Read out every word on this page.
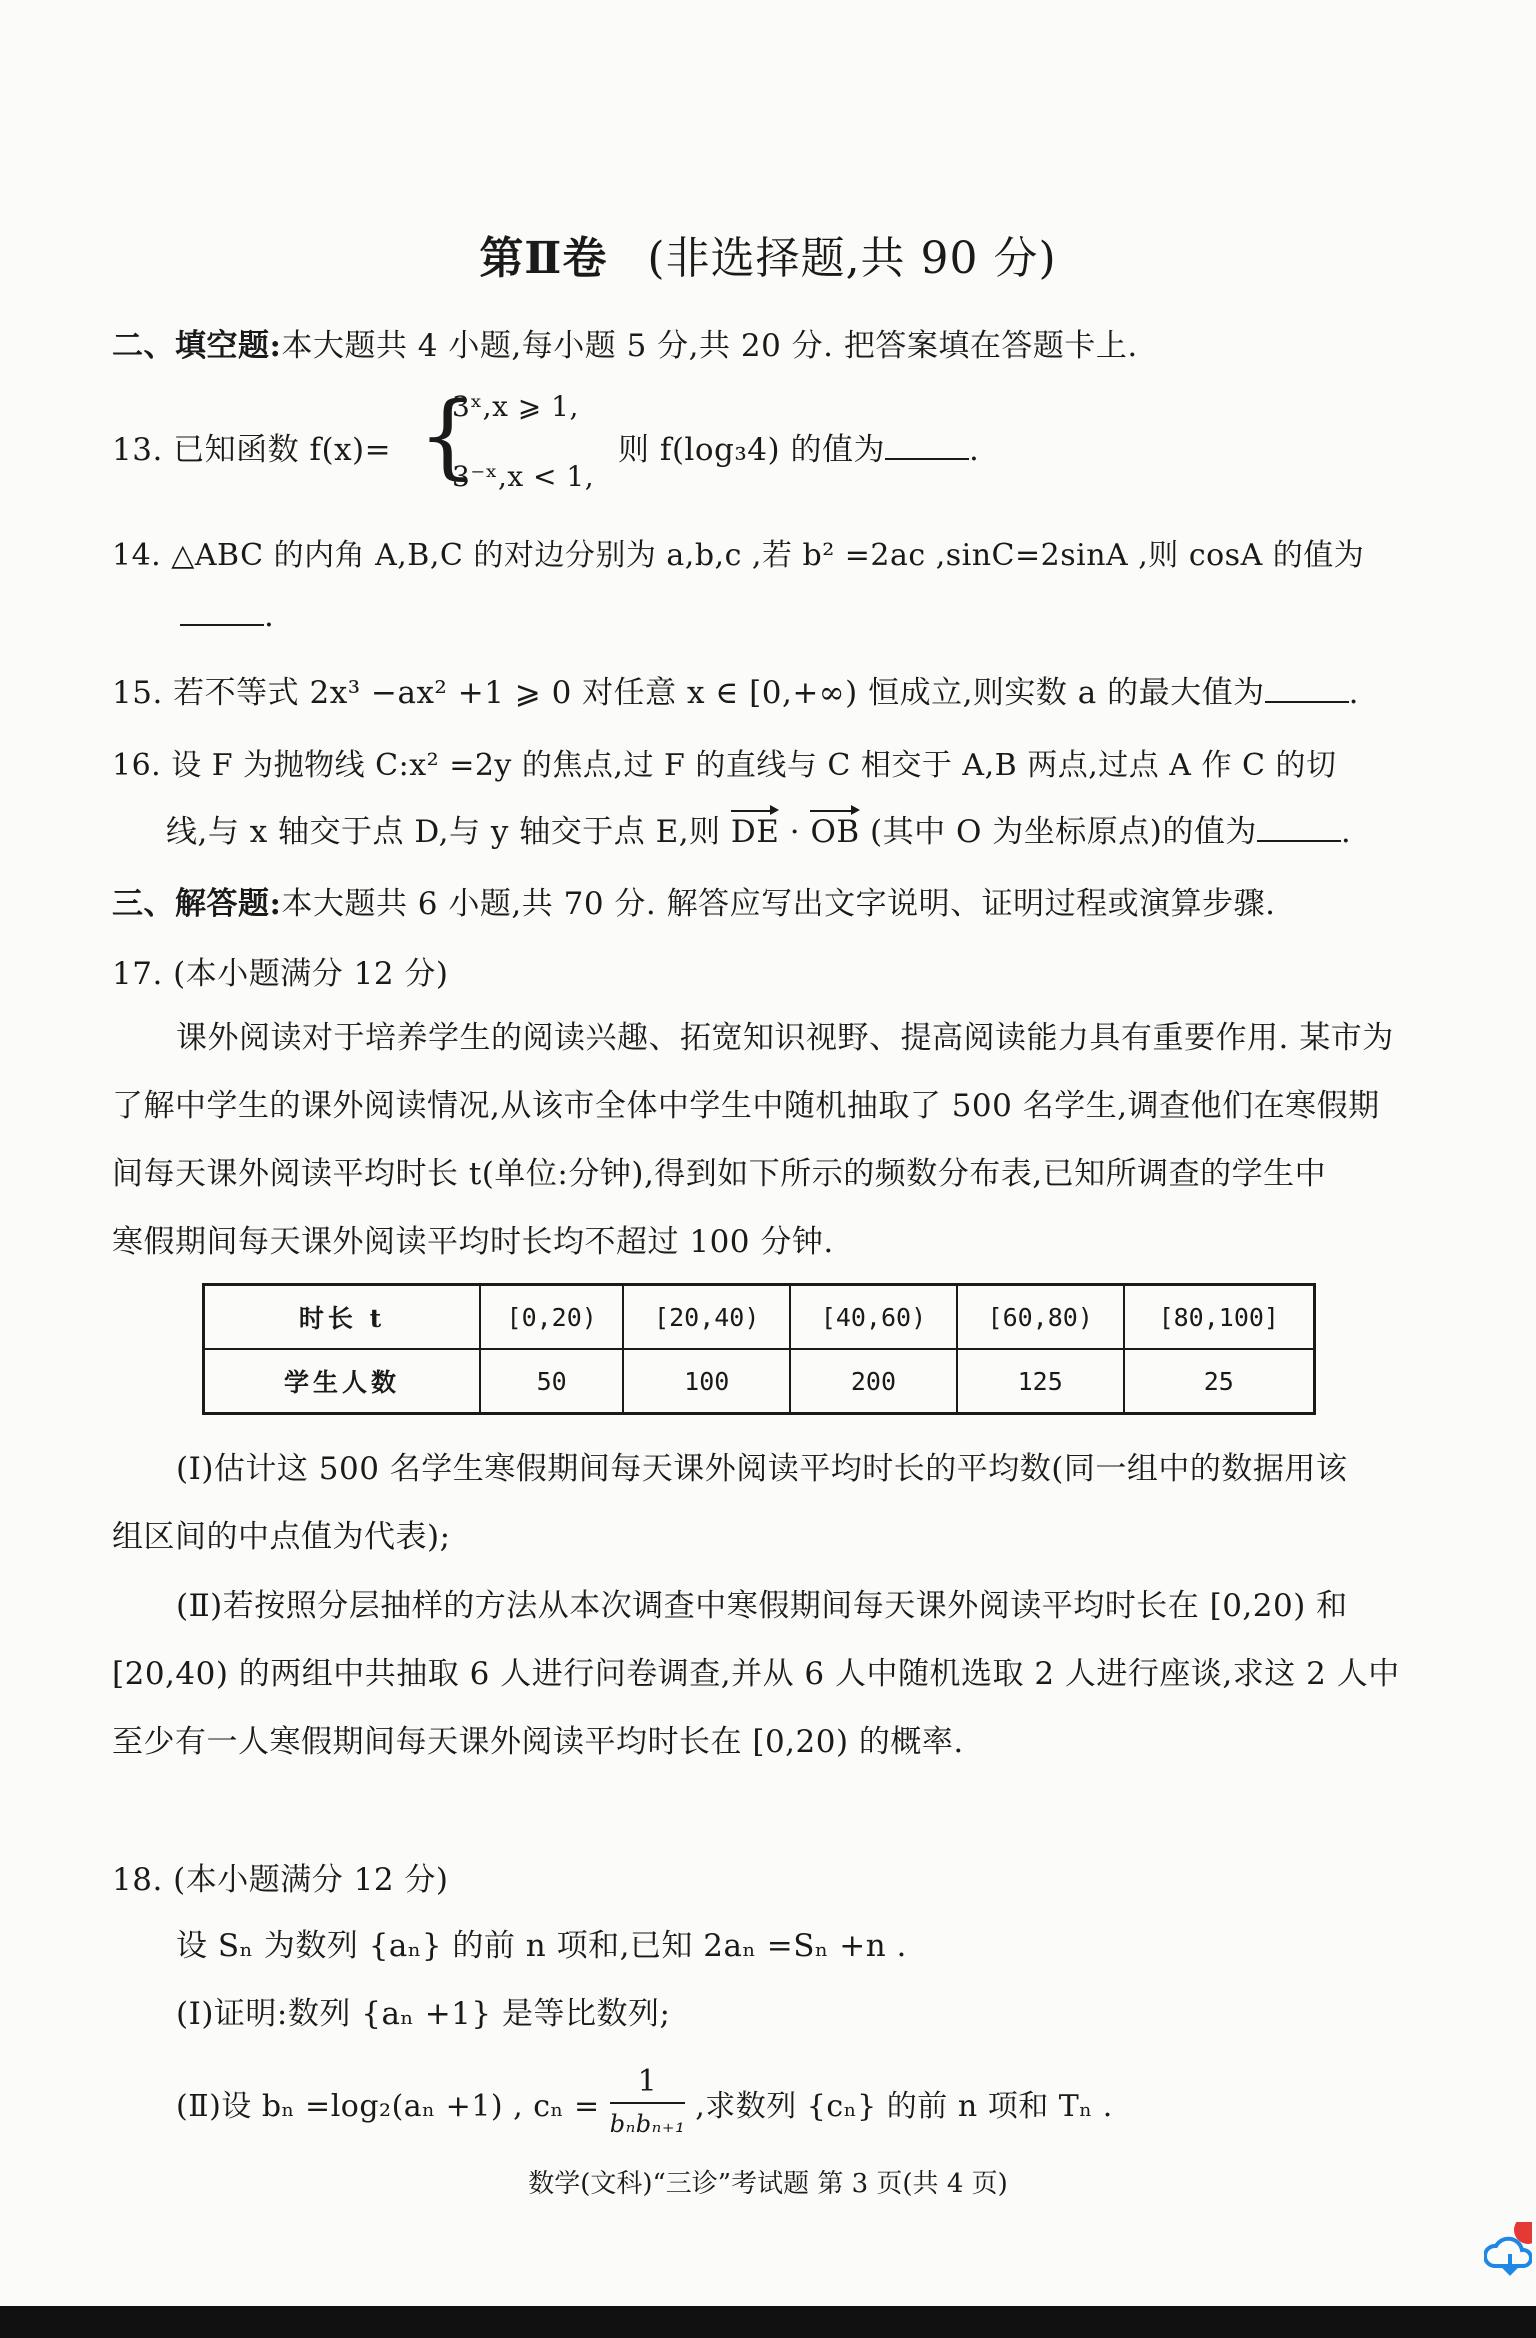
第Ⅱ卷 (非选择题,共 90 分)
二、填空题:本大题共 4 小题,每小题 5 分,共 20 分. 把答案填在答题卡上.
13. 已知函数 f(x)= {
3ˣ,x ⩾ 1,
3⁻ˣ,x < 1,
则 f(log₃4) 的值为	.
14. △ABC 的内角 A,B,C 的对边分别为 a,b,c ,若 b² =2ac ,sinC=2sinA ,则 cosA 的值为
.
15. 若不等式 2x³ −ax² +1 ⩾ 0 对任意 x ∈ [0,+∞) 恒成立,则实数 a 的最大值为	.
16. 设 F 为抛物线 C:x² =2y 的焦点,过 F 的直线与 C 相交于 A,B 两点,过点 A 作 C 的切
线,与 x 轴交于点 D,与 y 轴交于点 E,则 DE · OB (其中 O 为坐标原点)的值为	.
三、解答题:本大题共 6 小题,共 70 分. 解答应写出文字说明、证明过程或演算步骤.
17. (本小题满分 12 分)
课外阅读对于培养学生的阅读兴趣、拓宽知识视野、提高阅读能力具有重要作用. 某市为
了解中学生的课外阅读情况,从该市全体中学生中随机抽取了 500 名学生,调查他们在寒假期
间每天课外阅读平均时长 t(单位:分钟),得到如下所示的频数分布表,已知所调查的学生中
寒假期间每天课外阅读平均时长均不超过 100 分钟.
时长 t	[0,20)	[20,40)	[40,60)	[60,80)	[80,100]
学生人数	50	100	200	125	25
(Ⅰ)估计这 500 名学生寒假期间每天课外阅读平均时长的平均数(同一组中的数据用该
组区间的中点值为代表);
(Ⅱ)若按照分层抽样的方法从本次调查中寒假期间每天课外阅读平均时长在 [0,20) 和
[20,40) 的两组中共抽取 6 人进行问卷调查,并从 6 人中随机选取 2 人进行座谈,求这 2 人中
至少有一人寒假期间每天课外阅读平均时长在 [0,20) 的概率.
18. (本小题满分 12 分)
设 Sₙ 为数列 {aₙ} 的前 n 项和,已知 2aₙ =Sₙ +n .
(Ⅰ)证明:数列 {aₙ +1} 是等比数列;
(Ⅱ)设 bₙ =log₂(aₙ +1) , $c_n = \frac{1}{\text{bₙbₙ₊₁}}$ ,求数列 {cₙ} 的前 n 项和 Tₙ .
数学(文科)“三诊”考试题 第 3 页(共 4 页)
